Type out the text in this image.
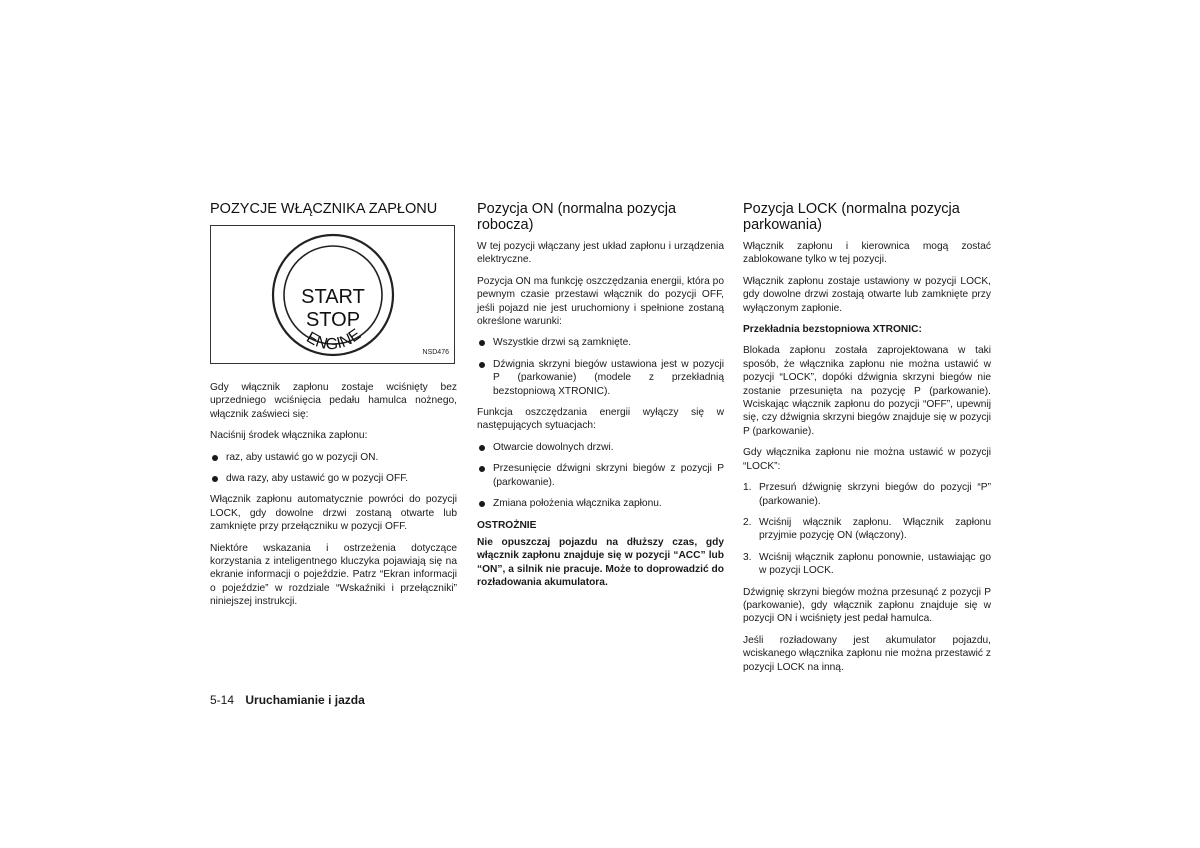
POZYCJE WŁĄCZNIKA ZAPŁONU
START
STOP
ENGINE
NSD476

Gdy włącznik zapłonu zostaje wciśnięty bez uprzedniego wciśnięcia pedału hamulca nożnego, włącznik zaświeci się:

Naciśnij środek włącznika zapłonu:

raz, aby ustawić go w pozycji ON.
dwa razy, aby ustawić go w pozycji OFF.

Włącznik zapłonu automatycznie powróci do pozycji LOCK, gdy dowolne drzwi zostaną otwarte lub zamknięte przy przełączniku w pozycji OFF.

Niektóre wskazania i ostrzeżenia dotyczące korzystania z inteligentnego kluczyka pojawiają się na ekranie informacji o pojeździe. Patrz “Ekran informacji o pojeździe” w rozdziale “Wskaźniki i przełączniki” niniejszej instrukcji.

Pozycja ON (normalna pozycja robocza)

W tej pozycji włączany jest układ zapłonu i urządzenia elektryczne.

Pozycja ON ma funkcję oszczędzania energii, która po pewnym czasie przestawi włącznik do pozycji OFF, jeśli pojazd nie jest uruchomiony i spełnione zostaną określone warunki:

Wszystkie drzwi są zamknięte.
Dźwignia skrzyni biegów ustawiona jest w pozycji P (parkowanie) (modele z przekładnią bezstopniową XTRONIC).

Funkcja oszczędzania energii wyłączy się w następujących sytuacjach:

Otwarcie dowolnych drzwi.
Przesunięcie dźwigni skrzyni biegów z pozycji P (parkowanie).
Zmiana położenia włącznika zapłonu.
OSTROŻNIE

Nie opuszczaj pojazdu na dłuższy czas, gdy włącznik zapłonu znajduje się w pozycji “ACC” lub “ON”, a silnik nie pracuje. Może to doprowadzić do rozładowania akumulatora.

Pozycja LOCK (normalna pozycja parkowania)

Włącznik zapłonu i kierownica mogą zostać zablokowane tylko w tej pozycji.

Włącznik zapłonu zostaje ustawiony w pozycji LOCK, gdy dowolne drzwi zostają otwarte lub zamknięte przy wyłączonym zapłonie.

Przekładnia bezstopniowa XTRONIC:

Blokada zapłonu została zaprojektowana w taki sposób, że włącznika zapłonu nie można ustawić w pozycji “LOCK”, dopóki dźwignia skrzyni biegów nie zostanie przesunięta na pozycję P (parkowanie). Wciskając włącznik zapłonu do pozycji “OFF”, upewnij się, czy dźwignia skrzyni biegów znajduje się w pozycji P (parkowanie).

Gdy włącznika zapłonu nie można ustawić w pozycji “LOCK”:

1. Przesuń dźwignię skrzyni biegów do pozycji “P” (parkowanie).
2. Wciśnij włącznik zapłonu. Włącznik zapłonu przyjmie pozycję ON (włączony).
3. Wciśnij włącznik zapłonu ponownie, ustawiając go w pozycji LOCK.

Dźwignię skrzyni biegów można przesunąć z pozycji P (parkowanie), gdy włącznik zapłonu znajduje się w pozycji ON i wciśnięty jest pedał hamulca.

Jeśli rozładowany jest akumulator pojazdu, wciskanego włącznika zapłonu nie można przestawić z pozycji LOCK na inną.

5-14 Uruchamianie i jazda
